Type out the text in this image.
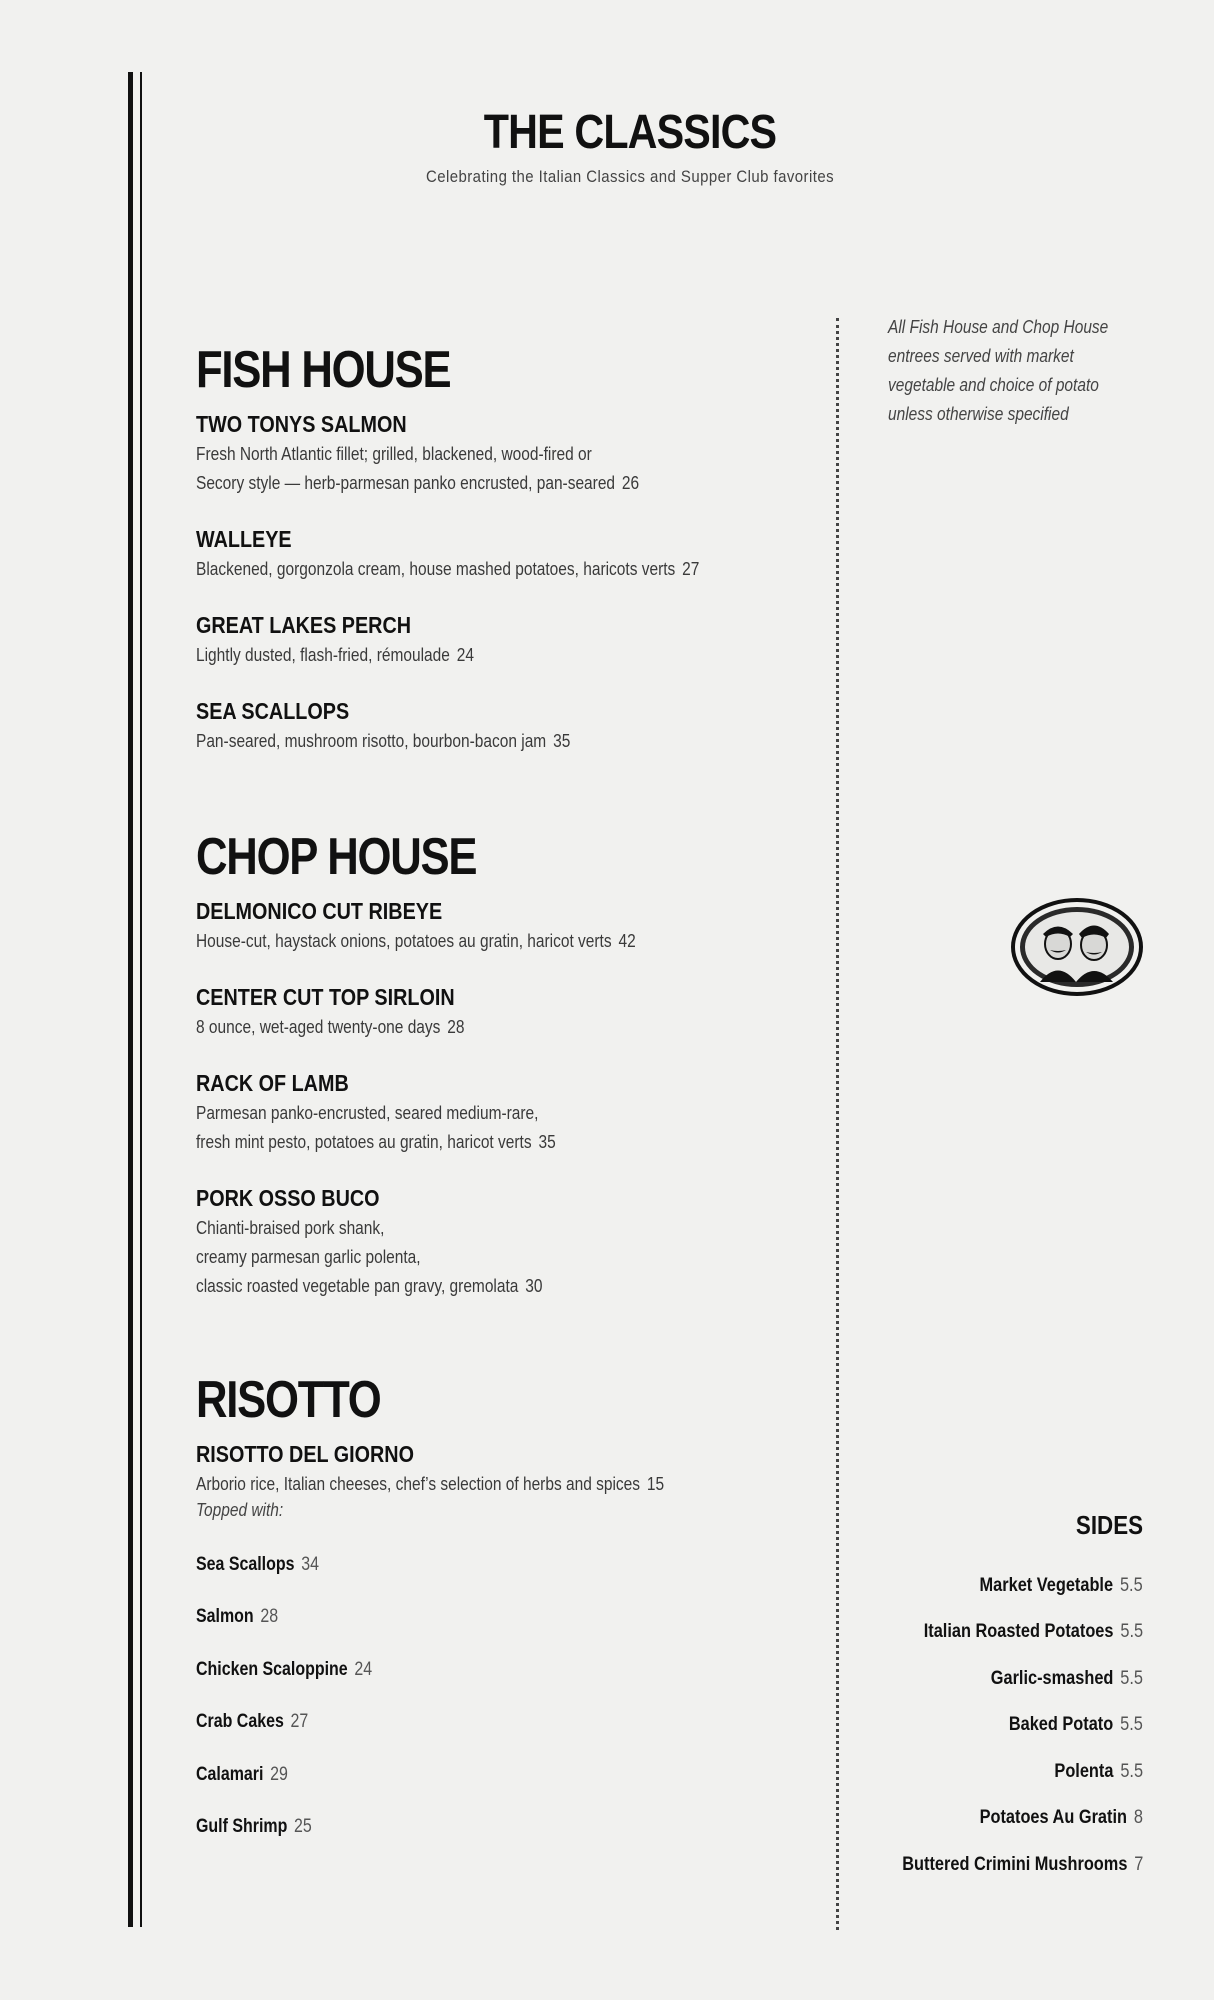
THE CLASSICS
Celebrating the Italian Classics and Supper Club favorites
FISH HOUSE
TWO TONYS SALMON
Fresh North Atlantic fillet; grilled, blackened, wood-fired or
Secory style — herb-parmesan panko encrusted, pan-seared 26
WALLEYE
Blackened, gorgonzola cream, house mashed potatoes, haricots verts 27
GREAT LAKES PERCH
Lightly dusted, flash-fried, rémoulade 24
SEA SCALLOPS
Pan-seared, mushroom risotto, bourbon-bacon jam 35
CHOP HOUSE
DELMONICO CUT RIBEYE
House-cut, haystack onions, potatoes au gratin, haricot verts 42
CENTER CUT TOP SIRLOIN
8 ounce, wet-aged twenty-one days 28
RACK OF LAMB
Parmesan panko-encrusted, seared medium-rare,
fresh mint pesto, potatoes au gratin, haricot verts 35
PORK OSSO BUCO
Chianti-braised pork shank,
creamy parmesan garlic polenta,
classic roasted vegetable pan gravy, gremolata 30
RISOTTO
RISOTTO DEL GIORNO
Arborio rice, Italian cheeses, chef’s selection of herbs and spices 15
Topped with:
Sea Scallops 34
Salmon 28
Chicken Scaloppine 24
Crab Cakes 27
Calamari 29
Gulf Shrimp 25
All Fish House and Chop House entrees served with market vegetable and choice of potato unless otherwise specified
SIDES
Market Vegetable 5.5
Italian Roasted Potatoes 5.5
Garlic-smashed 5.5
Baked Potato 5.5
Polenta 5.5
Potatoes Au Gratin 8
Buttered Crimini Mushrooms 7
